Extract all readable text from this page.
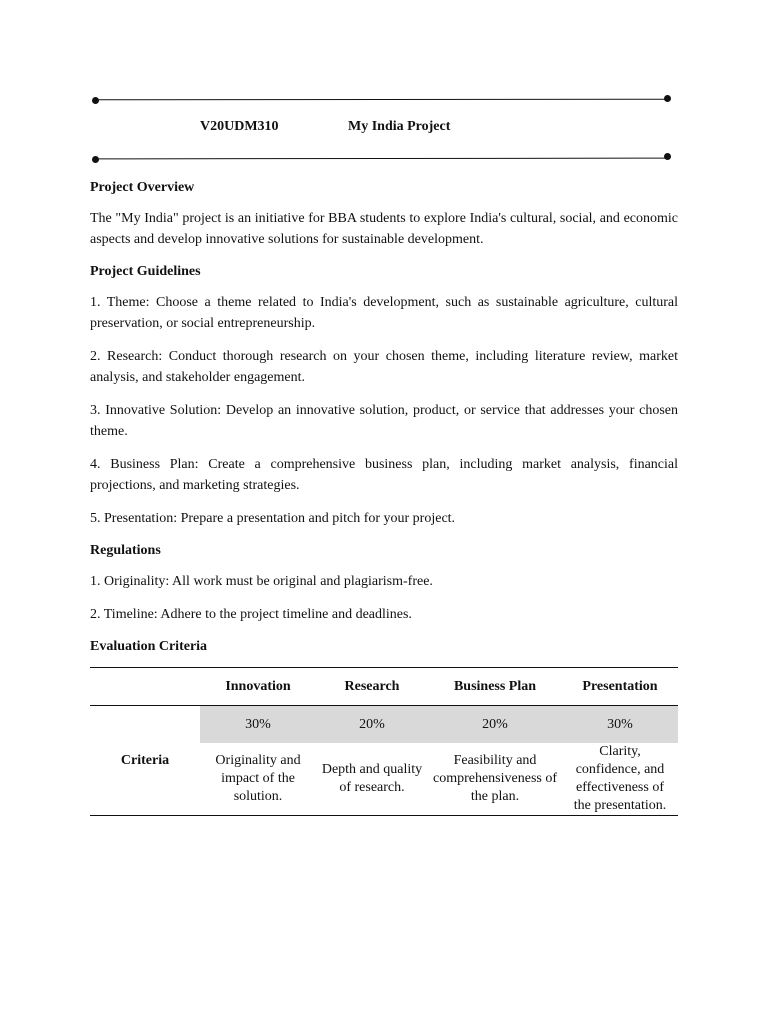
V20UDM310	My India Project
Project Overview

The "My India" project is an initiative for BBA students to explore India's cultural, social, and economic aspects and develop innovative solutions for sustainable development.

Project Guidelines

1. Theme: Choose a theme related to India's development, such as sustainable agriculture, cultural preservation, or social entrepreneurship.

2. Research: Conduct thorough research on your chosen theme, including literature review, market analysis, and stakeholder engagement.

3. Innovative Solution: Develop an innovative solution, product, or service that addresses your chosen theme.

4. Business Plan: Create a comprehensive business plan, including market analysis, financial projections, and marketing strategies.

5. Presentation: Prepare a presentation and pitch for your project.

Regulations

1. Originality: All work must be original and plagiarism-free.

2. Timeline: Adhere to the project timeline and deadlines.

Evaluation Criteria
	Innovation	Research	Business Plan	Presentation
Criteria	30%	20%	20%	30%
	Originality and impact of the solution.	Depth and quality of research.	Feasibility and comprehensiveness of the plan.	Clarity, confidence, and effectiveness of the presentation.
